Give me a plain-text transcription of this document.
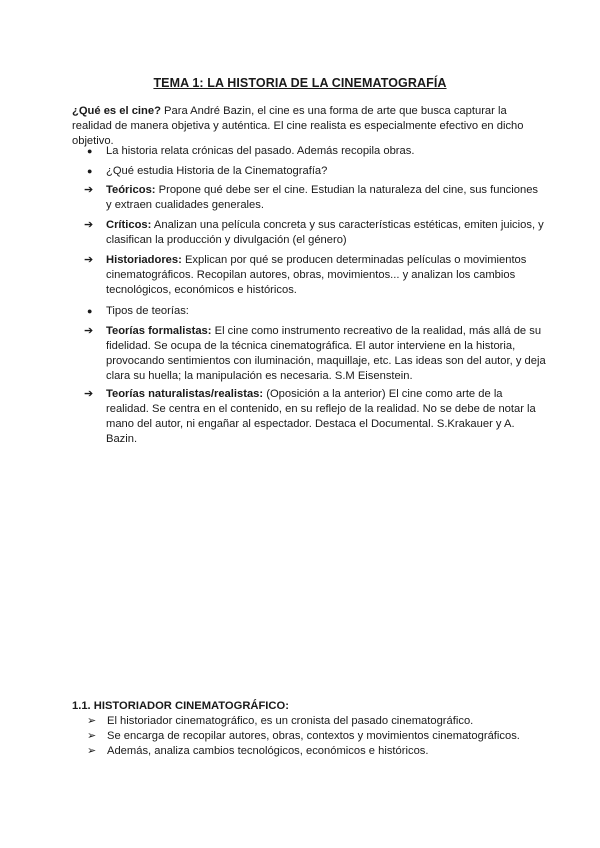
TEMA 1: LA HISTORIA DE LA CINEMATOGRAFÍA
¿Qué es el cine? Para André Bazin, el cine es una forma de arte que busca capturar la realidad de manera objetiva y auténtica. El cine realista es especialmente efectivo en dicho objetivo.
● La historia relata crónicas del pasado. Además recopila obras.
● ¿Qué estudia Historia de la Cinematografía?
➔ Teóricos: Propone qué debe ser el cine. Estudian la naturaleza del cine, sus funciones y extraen cualidades generales.
➔ Críticos: Analizan una película concreta y sus características estéticas, emiten juicios, y clasifican la producción y divulgación (el género)
➔ Historiadores: Explican por qué se producen determinadas películas o movimientos cinematográficos. Recopilan autores, obras, movimientos... y analizan los cambios tecnológicos, económicos e históricos.
● Tipos de teorías:
➔ Teorías formalistas: El cine como instrumento recreativo de la realidad, más allá de su fidelidad. Se ocupa de la técnica cinematográfica. El autor interviene en la historia, provocando sentimientos con iluminación, maquillaje, etc. Las ideas son del autor, y deja clara su huella; la manipulación es necesaria. S.M Eisenstein.
➔ Teorías naturalistas/realistas: (Oposición a la anterior) El cine como arte de la realidad. Se centra en el contenido, en su reflejo de la realidad. No se debe de notar la mano del autor, ni engañar al espectador. Destaca el Documental. S.Krakauer y A. Bazin.
1.1. HISTORIADOR CINEMATOGRÁFICO:
➢ El historiador cinematográfico, es un cronista del pasado cinematográfico.
➢ Se encarga de recopilar autores, obras, contextos y movimientos cinematográficos.
➢ Además, analiza cambios tecnológicos, económicos e históricos.
